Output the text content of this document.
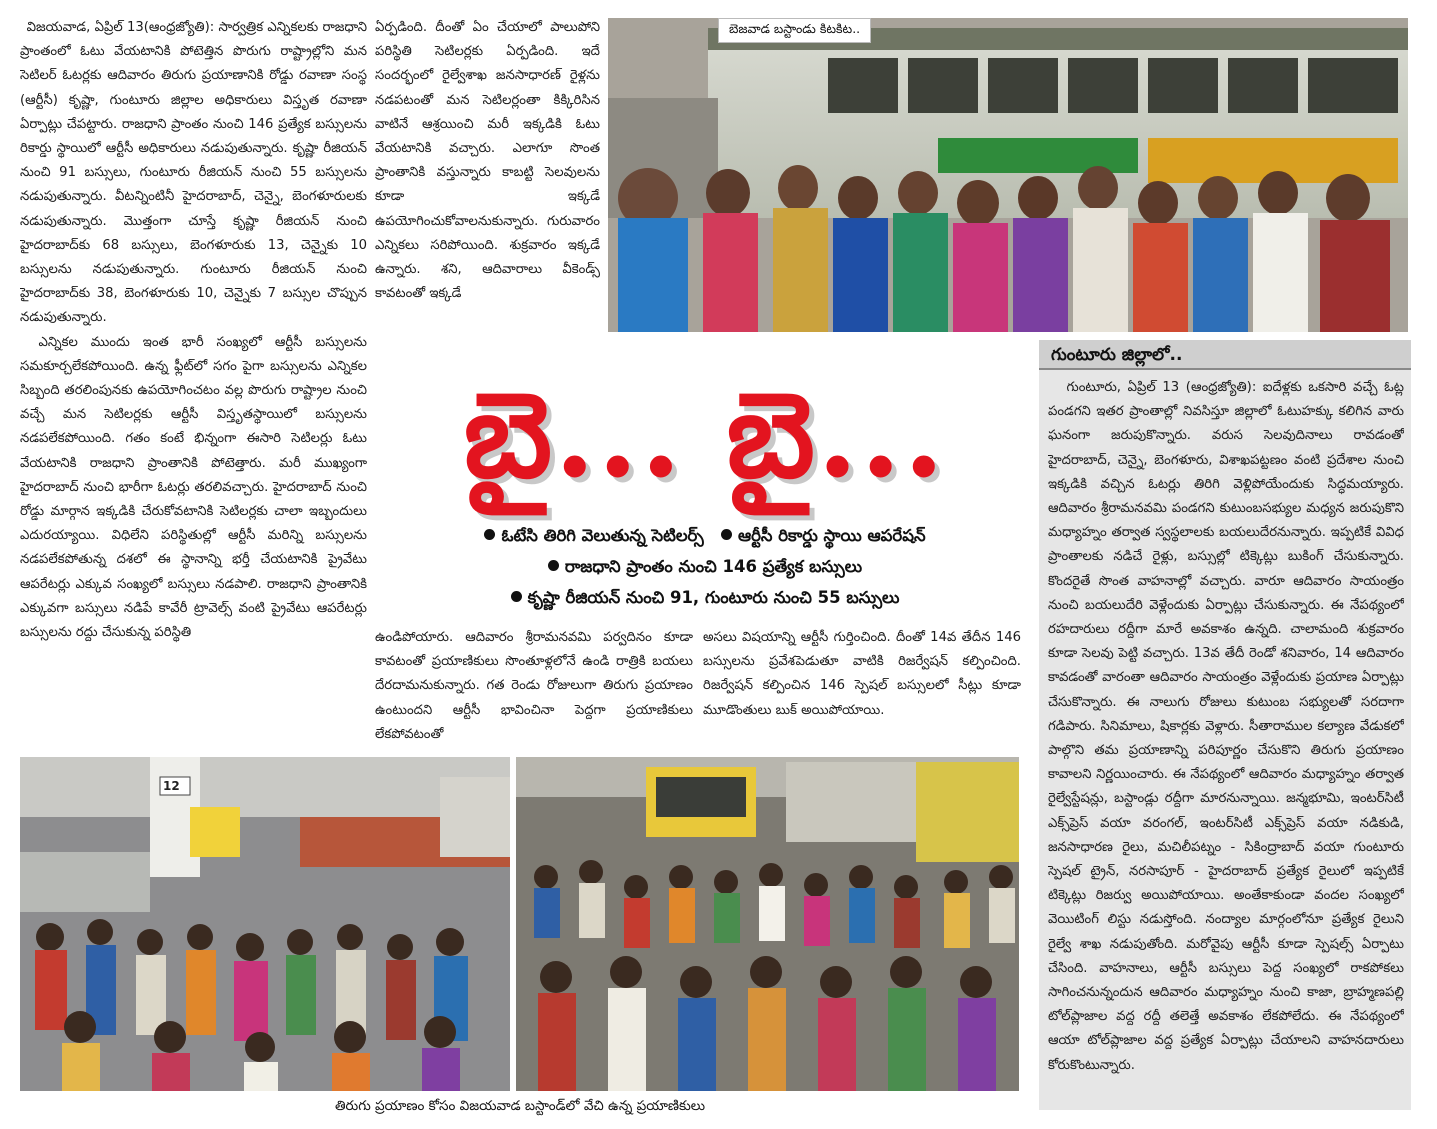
విజయవాడ, ఏప్రిల్ 13(ఆంధ్రజ్యోతి): సార్వత్రిక ఎన్నికలకు రాజధాని ప్రాంతంలో ఓటు వేయటానికి పోటెత్తిన పొరుగు రాష్ట్రాల్లోని మన సెటిలర్ ఓటర్లకు ఆదివారం తిరుగు ప్రయాణానికి రోడ్డు రవాణా సంస్థ (ఆర్టీసీ) కృష్ణా, గుంటూరు జిల్లాల అధికారులు విస్తృత రవాణా ఏర్పాట్లు చేపట్టారు. రాజధాని ప్రాంతం నుంచి 146 ప్రత్యేక బస్సులను రికార్డు స్థాయిలో ఆర్టీసీ అధికారులు నడుపుతున్నారు. కృష్ణా రీజియన్ నుంచి 91 బస్సులు, గుంటూరు రీజియన్ నుంచి 55 బస్సులను నడుపుతున్నారు. వీటన్నింటినీ హైదరాబాద్, చెన్నై, బెంగళూరులకు నడుపుతున్నారు. మొత్తంగా చూస్తే కృష్ణా రీజియన్ నుంచి హైదరాబాద్‌కు 68 బస్సులు, బెంగళూరుకు 13, చెన్నైకు 10 బస్సులను నడుపుతున్నారు. గుంటూరు రీజియన్ నుంచి హైదరాబాద్‌కు 38, బెంగళూరుకు 10, చెన్నైకు 7 బస్సుల చొప్పున నడుపుతున్నారు.

ఎన్నికల ముందు ఇంత భారీ సంఖ్యలో ఆర్టీసీ బస్సులను సమకూర్చలేకపోయింది. ఉన్న ఫ్లీట్‌లో సగం పైగా బస్సులను ఎన్నికల సిబ్బంది తరలింపునకు ఉపయోగించటం వల్ల పొరుగు రాష్ట్రాల నుంచి వచ్చే మన సెటిలర్లకు ఆర్టీసీ విస్తృతస్థాయిలో బస్సులను నడపలేకపోయింది. గతం కంటే భిన్నంగా ఈసారి సెటిలర్లు ఓటు వేయటానికి రాజధాని ప్రాంతానికి పోటెత్తారు. మరీ ముఖ్యంగా హైదరాబాద్ నుంచి భారీగా ఓటర్లు తరలివచ్చారు. హైదరాబాద్ నుంచి రోడ్డు మార్గాన ఇక్కడికి చేరుకోవటానికి సెటిలర్లకు చాలా ఇబ్బందులు ఎదురయ్యాయి. విధిలేని పరిస్థితుల్లో ఆర్టీసీ మరిన్ని బస్సులను నడపలేకపోతున్న దశలో ఈ స్థానాన్ని భర్తీ చేయటానికి ప్రైవేటు ఆపరేటర్లు ఎక్కువ సంఖ్యలో బస్సులు నడపాలి. రాజధాని ప్రాంతానికి ఎక్కువగా బస్సులు నడిపే కావేరీ ట్రావెల్స్ వంటి ప్రైవేటు ఆపరేటర్లు బస్సులను రద్దు చేసుకున్న పరిస్థితి

ఏర్పడింది. దీంతో ఏం చేయాలో పాలుపోని పరిస్థితి సెటిలర్లకు ఏర్పడింది. ఇదే సందర్భంలో రైల్వేశాఖ జనసాధారణ్ రైళ్లను నడపటంతో మన సెటిలర్లంతా కిక్కిరిసిన వాటినే ఆశ్రయించి మరీ ఇక్కడికి ఓటు వేయటానికి వచ్చారు. ఎలాగూ సొంత ప్రాంతానికి వస్తున్నారు కాబట్టి సెలవులను కూడా ఇక్కడే ఉపయోగించుకోవాలనుకున్నారు. గురువారం ఎన్నికలు సరిపోయింది. శుక్రవారం ఇక్కడే ఉన్నారు. శని, ఆదివారాలు వీకెండ్స్ కావటంతో ఇక్కడే

బెజవాడ బస్టాండు కిటకిట..
బై... బై...
ఓటేసి తిరిగి వెలుతున్న సెటిలర్స్ ఆర్టీసీ రికార్డు స్థాయి ఆపరేషన్
రాజధాని ప్రాంతం నుంచి 146 ప్రత్యేక బస్సులు
కృష్ణా రీజియన్ నుంచి 91, గుంటూరు నుంచి 55 బస్సులు

ఉండిపోయారు. ఆదివారం శ్రీరామనవమి పర్వదినం కూడా కావటంతో ప్రయాణికులు సొంతూళ్లలోనే ఉండి రాత్రికి బయలు దేరదామనుకున్నారు. గత రెండు రోజులుగా తిరుగు ప్రయాణం ఉంటుందని ఆర్టీసీ భావించినా పెద్దగా ప్రయాణికులు లేకపోవటంతో

అసలు విషయాన్ని ఆర్టీసీ గుర్తించింది. దీంతో 14వ తేదీన 146 బస్సులను ప్రవేశపెడుతూ వాటికి రిజర్వేషన్ కల్పించింది. రిజర్వేషన్ కల్పించిన 146 స్పెషల్ బస్సులలో సీట్లు కూడా మూడొంతులు బుక్ అయిపోయాయి.

గుంటూరు జిల్లాలో..

గుంటూరు, ఏప్రిల్ 13 (ఆంధ్రజ్యోతి): ఐదేళ్లకు ఒకసారి వచ్చే ఓట్ల పండగని ఇతర ప్రాంతాల్లో నివసిస్తూ జిల్లాలో ఓటుహక్కు కలిగిన వారు ఘనంగా జరుపుకొన్నారు. వరుస సెలవుదినాలు రావడంతో హైదరాబాద్, చెన్నై, బెంగళూరు, విశాఖపట్టణం వంటి ప్రదేశాల నుంచి ఇక్కడికి వచ్చిన ఓటర్లు తిరిగి వెళ్లిపోయేందుకు సిద్ధమయ్యారు. ఆదివారం శ్రీరామనవమి పండగని కుటుంబసభ్యుల మధ్యన జరుపుకొని మధ్యాహ్నం తర్వాత స్వస్థలాలకు బయలుదేరనున్నారు. ఇప్పటికే వివిధ ప్రాంతాలకు నడిచే రైళ్లు, బస్సుల్లో టిక్కెట్లు బుకింగ్ చేసుకున్నారు. కొందరైతే సొంత వాహనాల్లో వచ్చారు. వారూ ఆదివారం సాయంత్రం నుంచి బయలుదేరి వెళ్లేందుకు ఏర్పాట్లు చేసుకున్నారు. ఈ నేపథ్యంలో రహదారులు రద్దీగా మారే అవకాశం ఉన్నది. చాలామంది శుక్రవారం కూడా సెలవు పెట్టి వచ్చారు. 13వ తేదీ రెండో శనివారం, 14 ఆదివారం కావడంతో వారంతా ఆదివారం సాయంత్రం వెళ్లేందుకు ప్రయాణ ఏర్పాట్లు చేసుకొన్నారు. ఈ నాలుగు రోజులు కుటుంబ సభ్యులతో సరదాగా గడిపారు. సినిమాలు, షికార్లకు వెళ్లారు. సీతారాముల కల్యాణ వేడుకలో పాల్గొని తమ ప్రయాణాన్ని పరిపూర్ణం చేసుకొని తిరుగు ప్రయాణం కావాలని నిర్ణయించారు. ఈ నేపథ్యంలో ఆదివారం మధ్యాహ్నం తర్వాత రైల్వేస్టేషన్లు, బస్టాండ్లు రద్దీగా మారనున్నాయి. జన్మభూమి, ఇంటర్‌సిటీ ఎక్స్‌ప్రెస్ వయా వరంగల్, ఇంటర్‌సిటీ ఎక్స్‌ప్రెస్ వయా నడికుడి, జనసాధారణ రైలు, మచిలీపట్నం - సికింద్రాబాద్ వయా గుంటూరు స్పెషల్ ట్రైన్, నరసాపూర్ - హైదరాబాద్ ప్రత్యేక రైలులో ఇప్పటికే టిక్కెట్లు రిజర్వు అయిపోయాయి. అంతేకాకుండా వందల సంఖ్యలో వెయిటింగ్ లిస్టు నడుస్తోంది. నంద్యాల మార్గంలోనూ ప్రత్యేక రైలుని రైల్వే శాఖ నడుపుతోంది. మరోవైపు ఆర్టీసీ కూడా స్పెషల్స్ ఏర్పాటు చేసింది. వాహనాలు, ఆర్టీసీ బస్సులు పెద్ద సంఖ్యలో రాకపోకలు సాగించనున్నందున ఆదివారం మధ్యాహ్నం నుంచి కాజా, బ్రాహ్మణపల్లి టోల్‌ప్లాజాల వద్ద రద్దీ తలెత్తే అవకాశం లేకపోలేదు. ఈ నేపథ్యంలో ఆయా టోల్‌ప్లాజాల వద్ద ప్రత్యేక ఏర్పాట్లు చేయాలని వాహనదారులు కోరుకొంటున్నారు.

12
తిరుగు ప్రయాణం కోసం విజయవాడ బస్టాండ్‌లో వేచి ఉన్న ప్రయాణికులు
